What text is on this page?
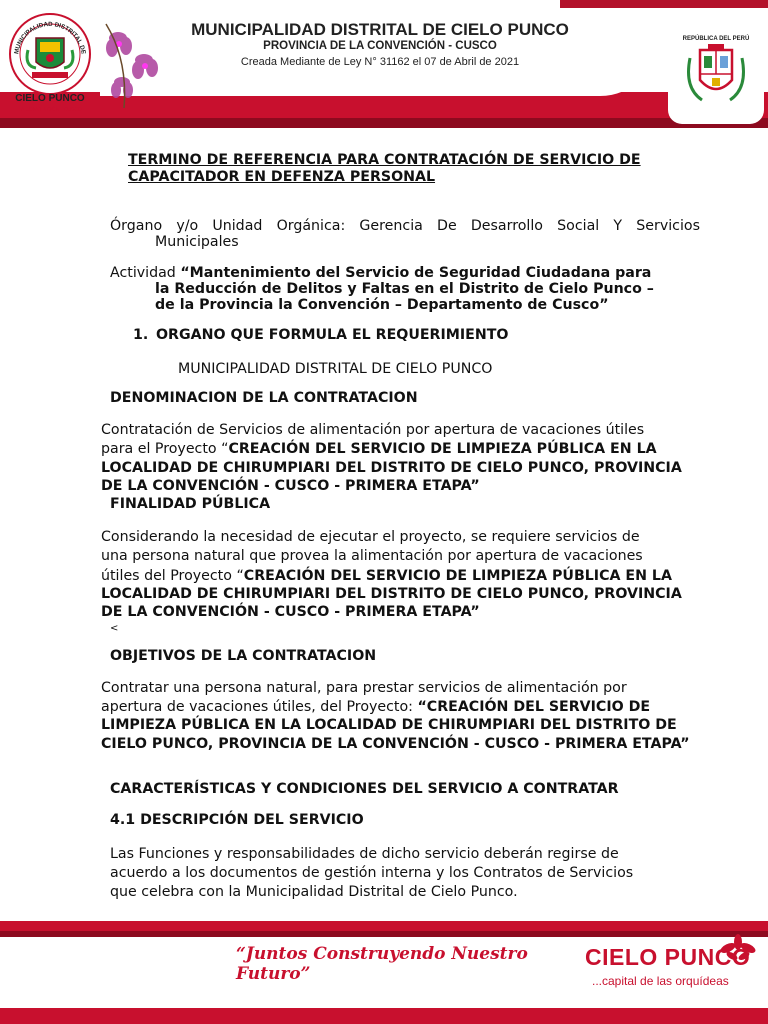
MUNICIPALIDAD DISTRITAL DE
CIELO PUNCO
LA CONVENCIÓN - CUSCO
MUNICIPALIDAD DISTRITAL DE CIELO PUNCO
PROVINCIA DE LA CONVENCIÓN - CUSCO
Creada Mediante de Ley N° 31162 el 07 de Abril de 2021
REPÚBLICA DEL PERÚ
TERMINO DE REFERENCIA PARA CONTRATACIÓN DE SERVICIO DE
CAPACITADOR EN DEFENZA PERSONAL
Órgano y/o Unidad Orgánica: Gerencia De Desarrollo Social Y Servicios
Municipales
Actividad “Mantenimiento del Servicio de Seguridad Ciudadana para
la Reducción de Delitos y Faltas en el Distrito de Cielo Punco –
de la Provincia la Convención – Departamento de Cusco”
1. ORGANO QUE FORMULA EL REQUERIMIENTO
MUNICIPALIDAD DISTRITAL DE CIELO PUNCO
DENOMINACION DE LA CONTRATACION
Contratación de Servicios de alimentación por apertura de vacaciones útiles
para el Proyecto “CREACIÓN DEL SERVICIO DE LIMPIEZA PÚBLICA EN LA
LOCALIDAD DE CHIRUMPIARI DEL DISTRITO DE CIELO PUNCO, PROVINCIA
DE LA CONVENCIÓN - CUSCO - PRIMERA ETAPA”
FINALIDAD PÚBLICA
Considerando la necesidad de ejecutar el proyecto, se requiere servicios de
una persona natural que provea la alimentación por apertura de vacaciones
útiles del Proyecto “CREACIÓN DEL SERVICIO DE LIMPIEZA PÚBLICA EN LA
LOCALIDAD DE CHIRUMPIARI DEL DISTRITO DE CIELO PUNCO, PROVINCIA
DE LA CONVENCIÓN - CUSCO - PRIMERA ETAPA”
<
OBJETIVOS DE LA CONTRATACION
Contratar una persona natural, para prestar servicios de alimentación por
apertura de vacaciones útiles, del Proyecto: “CREACIÓN DEL SERVICIO DE
LIMPIEZA PÚBLICA EN LA LOCALIDAD DE CHIRUMPIARI DEL DISTRITO DE
CIELO PUNCO, PROVINCIA DE LA CONVENCIÓN - CUSCO - PRIMERA ETAPA”
CARACTERÍSTICAS Y CONDICIONES DEL SERVICIO A CONTRATAR
4.1 DESCRIPCIÓN DEL SERVICIO
Las Funciones y responsabilidades de dicho servicio deberán regirse de
acuerdo a los documentos de gestión interna y los Contratos de Servicios
que celebra con la Municipalidad Distrital de Cielo Punco.
“Juntos Construyendo Nuestro Futuro”
CIELO PUNCO
...capital de las orquídeas
